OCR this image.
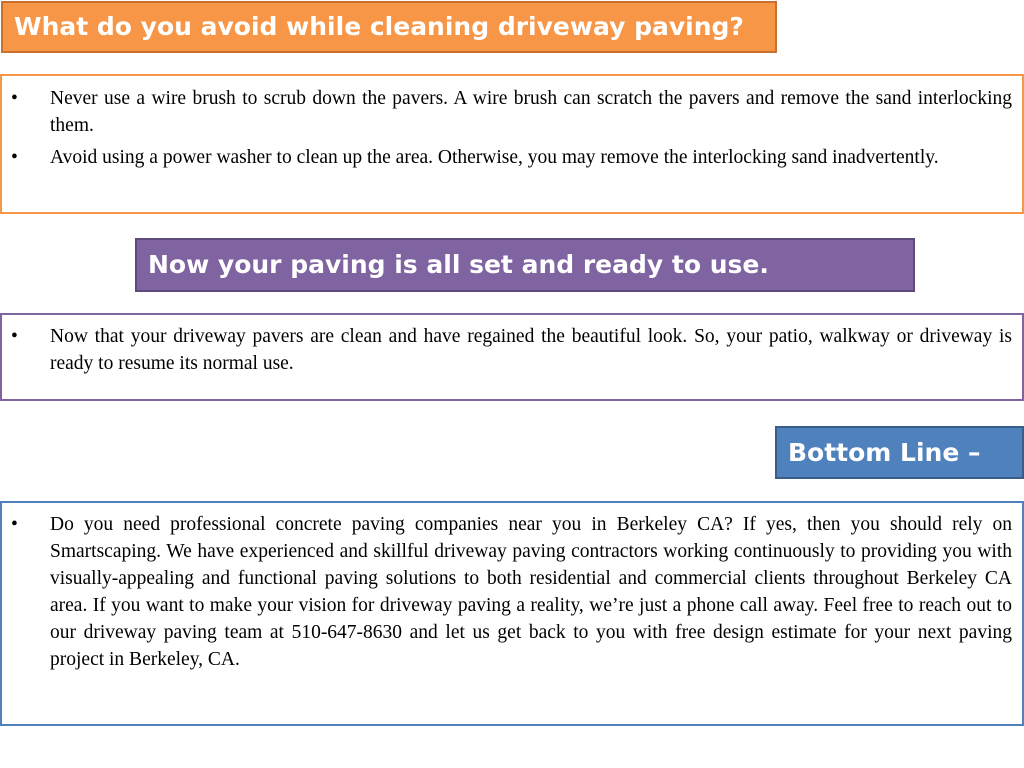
What do you avoid while cleaning driveway paving?
• Never use a wire brush to scrub down the pavers. A wire brush can scratch the pavers and remove the sand interlocking them.
• Avoid using a power washer to clean up the area. Otherwise, you may remove the interlocking sand inadvertently.
Now your paving is all set and ready to use.
• Now that your driveway pavers are clean and have regained the beautiful look. So, your patio, walkway or driveway is ready to resume its normal use.
Bottom Line –
• Do you need professional concrete paving companies near you in Berkeley CA? If yes, then you should rely on Smartscaping. We have experienced and skillful driveway paving contractors working continuously to providing you with visually-appealing and functional paving solutions to both residential and commercial clients throughout Berkeley CA area. If you want to make your vision for driveway paving a reality, we’re just a phone call away. Feel free to reach out to our driveway paving team at 510-647-8630 and let us get back to you with free design estimate for your next paving project in Berkeley, CA.
